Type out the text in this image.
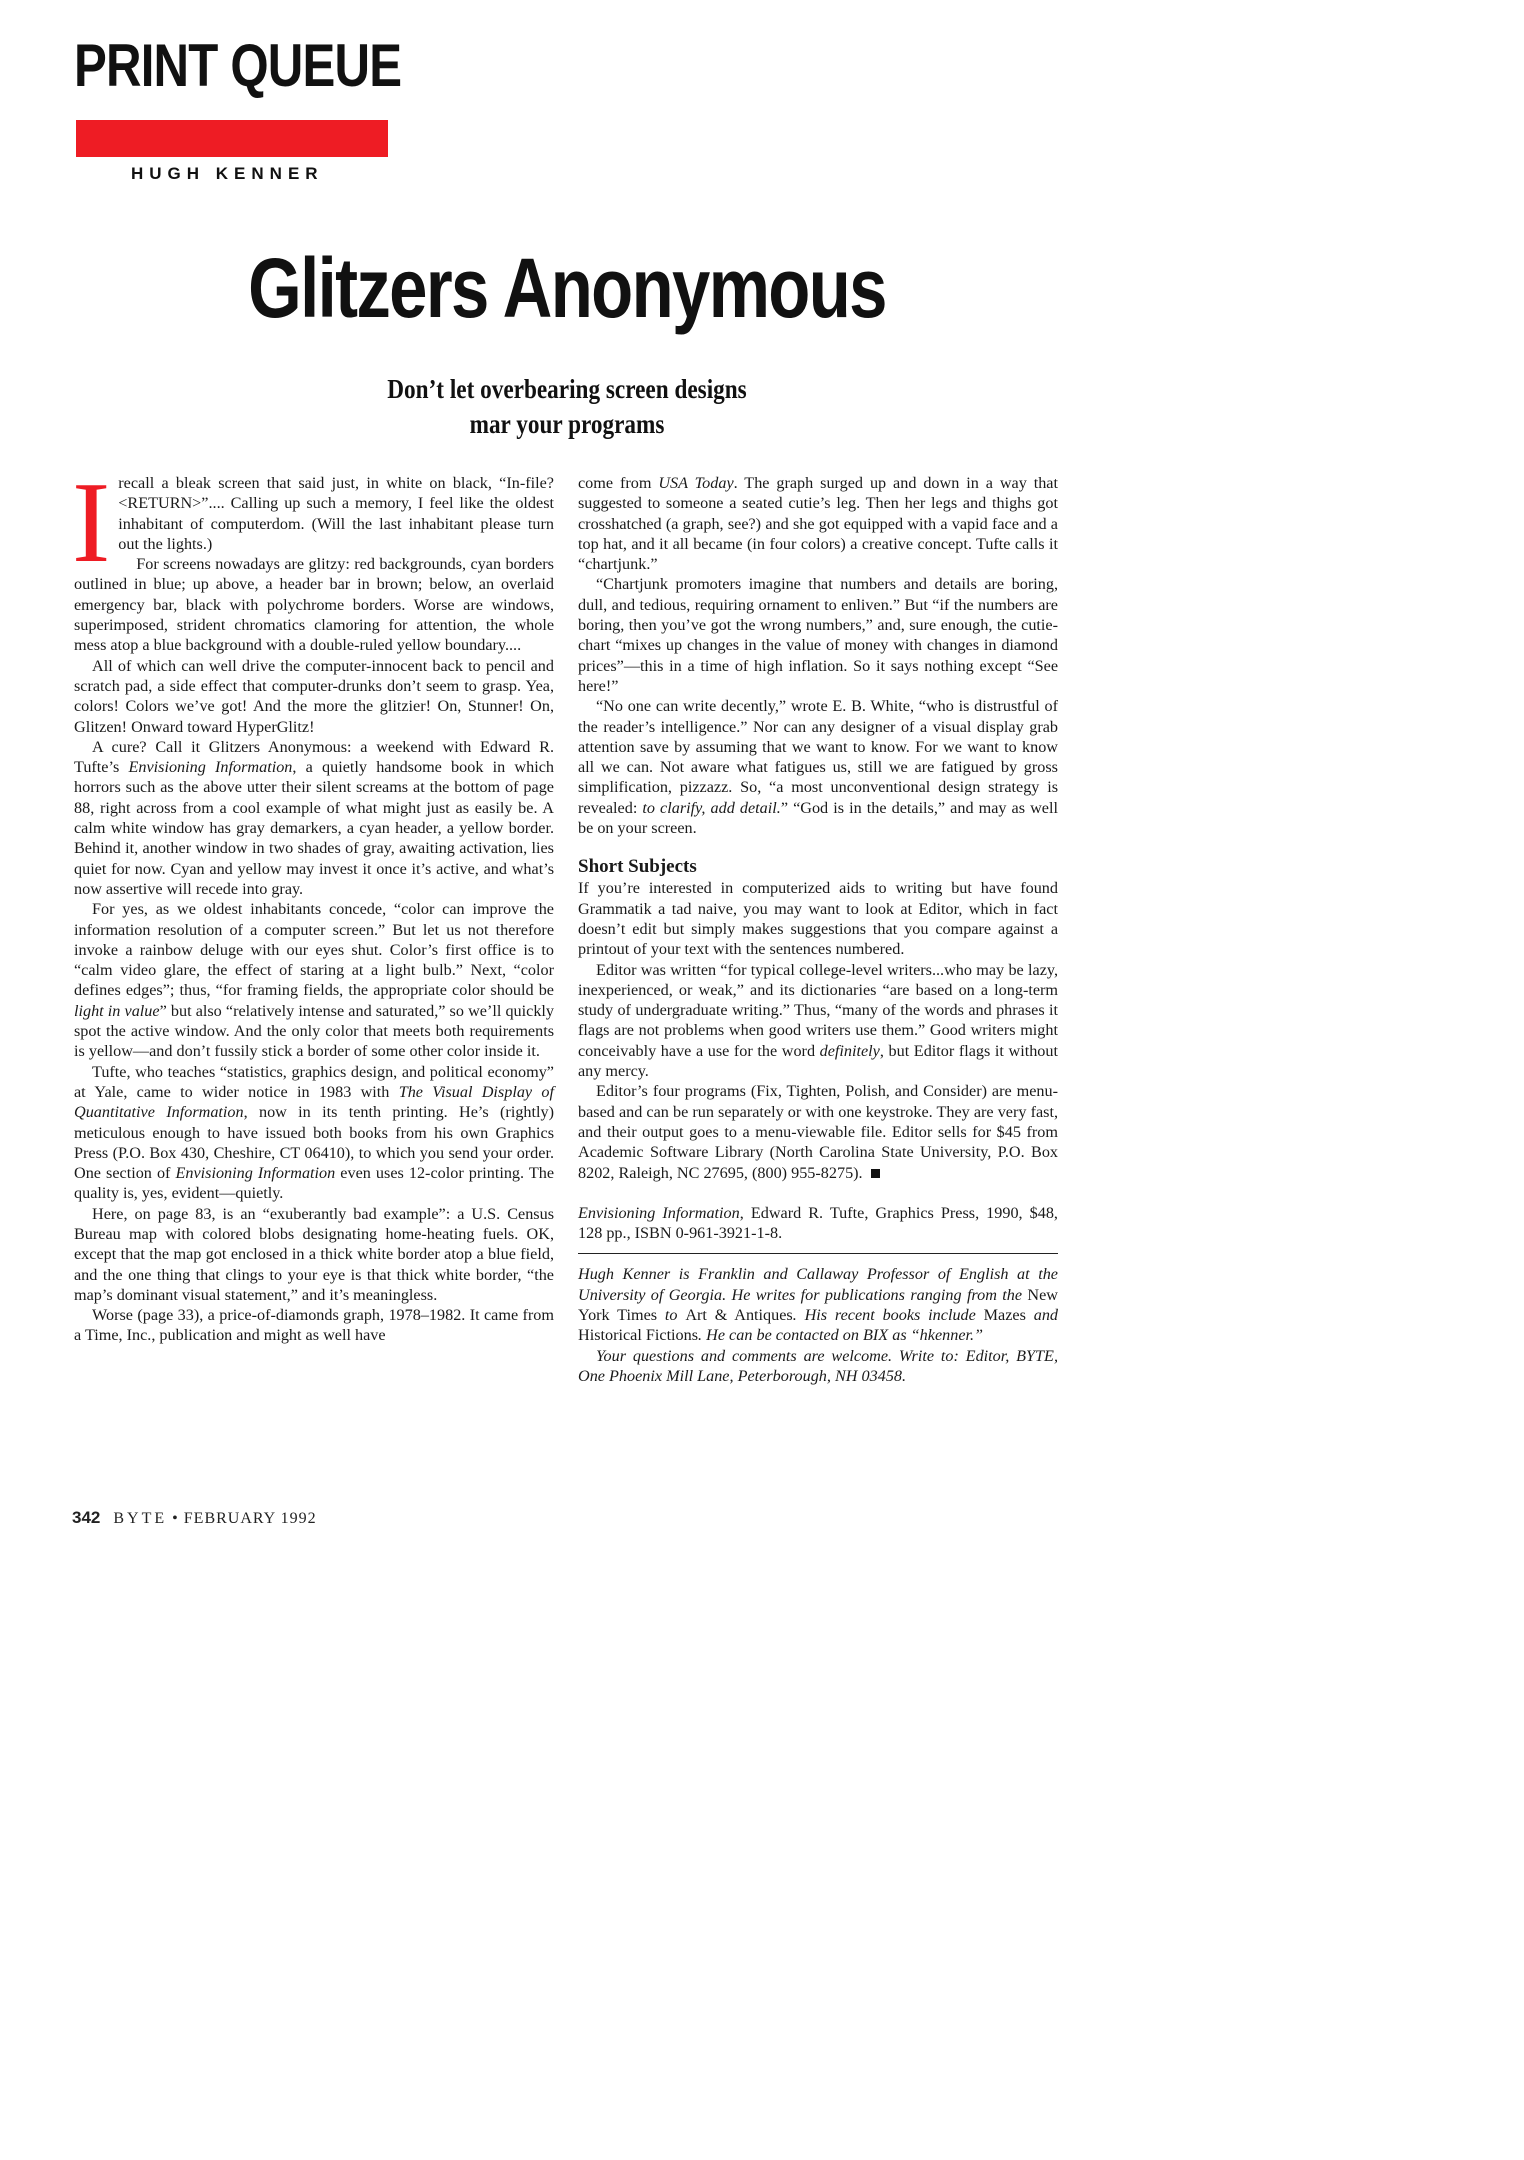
PRINT QUEUE
HUGH KENNER
Glitzers Anonymous
Don’t let overbearing screen designs
mar your programs

Irecall a bleak screen that said just, in white on black, “In-file? <RETURN>”.... Calling up such a memory, I feel like the oldest inhabitant of computerdom. (Will the last inhabitant please turn out the lights.)

For screens nowadays are glitzy: red backgrounds, cyan borders outlined in blue; up above, a header bar in brown; below, an overlaid emergency bar, black with polychrome borders. Worse are windows, superimposed, strident chromatics clamoring for attention, the whole mess atop a blue background with a double-ruled yellow boundary....

All of which can well drive the computer-innocent back to pencil and scratch pad, a side effect that computer-drunks don’t seem to grasp. Yea, colors! Colors we’ve got! And the more the glitzier! On, Stunner! On, Glitzen! Onward toward HyperGlitz!

A cure? Call it Glitzers Anonymous: a weekend with Edward R. Tufte’s Envisioning Information, a quietly handsome book in which horrors such as the above utter their silent screams at the bottom of page 88, right across from a cool example of what might just as easily be. A calm white window has gray demarkers, a cyan header, a yellow border. Behind it, another window in two shades of gray, awaiting activation, lies quiet for now. Cyan and yellow may invest it once it’s active, and what’s now assertive will recede into gray.

For yes, as we oldest inhabitants concede, “color can improve the information resolution of a computer screen.” But let us not therefore invoke a rainbow deluge with our eyes shut. Color’s first office is to “calm video glare, the effect of staring at a light bulb.” Next, “color defines edges”; thus, “for framing fields, the appropriate color should be light in value” but also “relatively intense and saturated,” so we’ll quickly spot the active window. And the only color that meets both requirements is yellow—and don’t fussily stick a border of some other color inside it.

Tufte, who teaches “statistics, graphics design, and political economy” at Yale, came to wider notice in 1983 with The Visual Display of Quantitative Information, now in its tenth printing. He’s (rightly) meticulous enough to have issued both books from his own Graphics Press (P.O. Box 430, Cheshire, CT 06410), to which you send your order. One section of Envisioning Information even uses 12-color printing. The quality is, yes, evident—quietly.

Here, on page 83, is an “exuberantly bad example”: a U.S. Census Bureau map with colored blobs designating home-heating fuels. OK, except that the map got enclosed in a thick white border atop a blue field, and the one thing that clings to your eye is that thick white border, “the map’s dominant visual statement,” and it’s meaningless.

Worse (page 33), a price-of-diamonds graph, 1978–1982. It came from a Time, Inc., publication and might as well have

come from USA Today. The graph surged up and down in a way that suggested to someone a seated cutie’s leg. Then her legs and thighs got crosshatched (a graph, see?) and she got equipped with a vapid face and a top hat, and it all became (in four colors) a creative concept. Tufte calls it “chartjunk.”

“Chartjunk promoters imagine that numbers and details are boring, dull, and tedious, requiring ornament to enliven.” But “if the numbers are boring, then you’ve got the wrong numbers,” and, sure enough, the cutie-chart “mixes up changes in the value of money with changes in diamond prices”—this in a time of high inflation. So it says nothing except “See here!”

“No one can write decently,” wrote E. B. White, “who is distrustful of the reader’s intelligence.” Nor can any designer of a visual display grab attention save by assuming that we want to know. For we want to know all we can. Not aware what fatigues us, still we are fatigued by gross simplification, pizzazz. So, “a most unconventional design strategy is revealed: to clarify, add detail.” “God is in the details,” and may as well be on your screen.

Short Subjects

If you’re interested in computerized aids to writing but have found Grammatik a tad naive, you may want to look at Editor, which in fact doesn’t edit but simply makes suggestions that you compare against a printout of your text with the sentences numbered.

Editor was written “for typical college-level writers...who may be lazy, inexperienced, or weak,” and its dictionaries “are based on a long-term study of undergraduate writing.” Thus, “many of the words and phrases it flags are not problems when good writers use them.” Good writers might conceivably have a use for the word definitely, but Editor flags it without any mercy.

Editor’s four programs (Fix, Tighten, Polish, and Consider) are menu-based and can be run separately or with one keystroke. They are very fast, and their output goes to a menu-viewable file. Editor sells for $45 from Academic Software Library (North Carolina State University, P.O. Box 8202, Raleigh, NC 27695, (800) 955-8275).

Envisioning Information, Edward R. Tufte, Graphics Press, 1990, $48, 128 pp., ISBN 0-961-3921-1-8.

Hugh Kenner is Franklin and Callaway Professor of English at the University of Georgia. He writes for publications ranging from the New York Times to Art & Antiques. His recent books include Mazes and Historical Fictions. He can be contacted on BIX as “hkenner.”

Your questions and comments are welcome. Write to: Editor, BYTE, One Phoenix Mill Lane, Peterborough, NH 03458.

342 BYTE • FEBRUARY 1992
